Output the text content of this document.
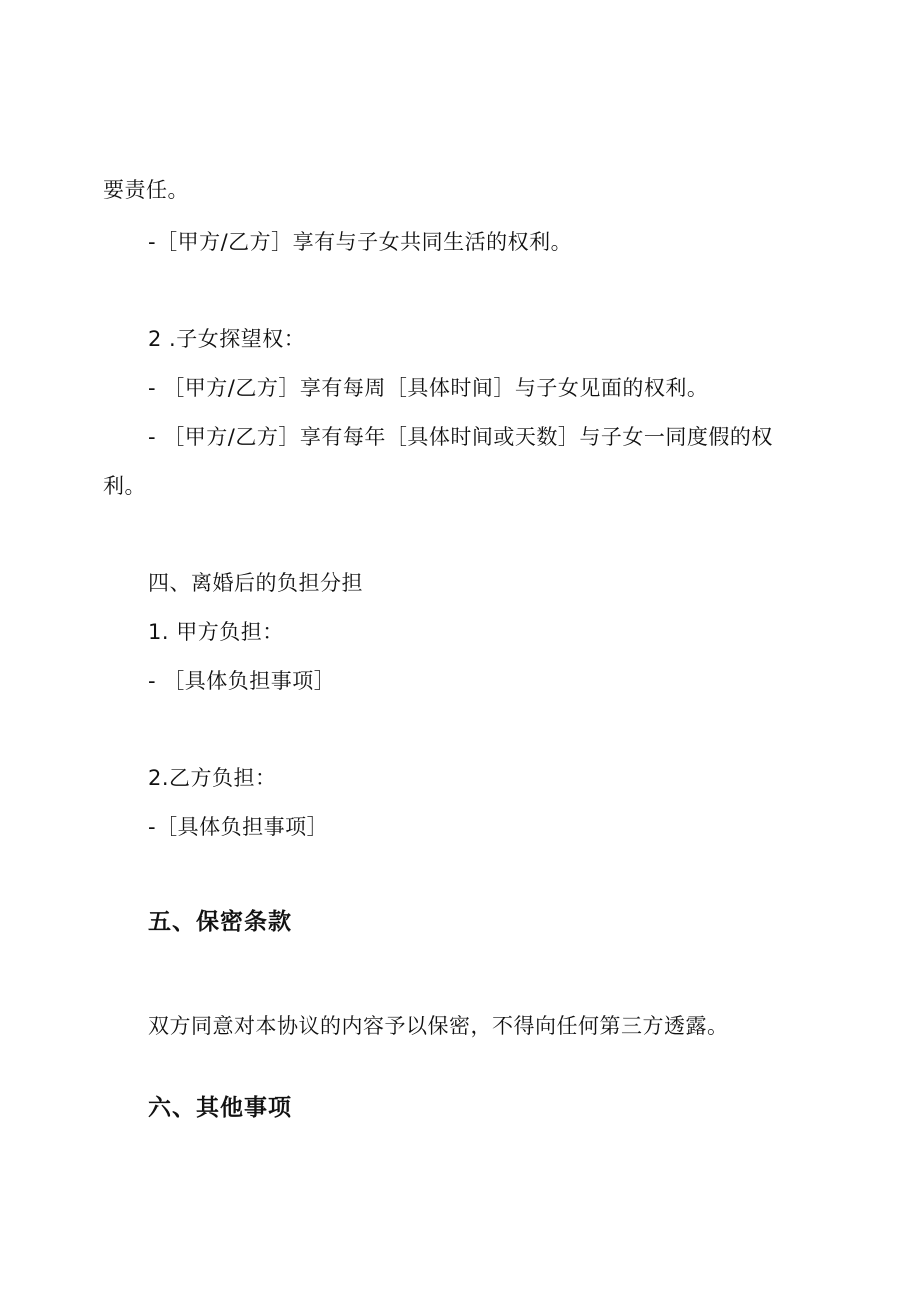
要责任。
-［甲方/乙方］享有与子女共同生活的权利。
2 .子女探望权：
- ［甲方/乙方］享有每周［具体时间］与子女见面的权利。
- ［甲方/乙方］享有每年［具体时间或天数］与子女一同度假的权
利。
四、离婚后的负担分担
1. 甲方负担：
- ［具体负担事项］
2.乙方负担：
-［具体负担事项］
五、保密条款
双方同意对本协议的内容予以保密，不得向任何第三方透露。
六、其他事项
